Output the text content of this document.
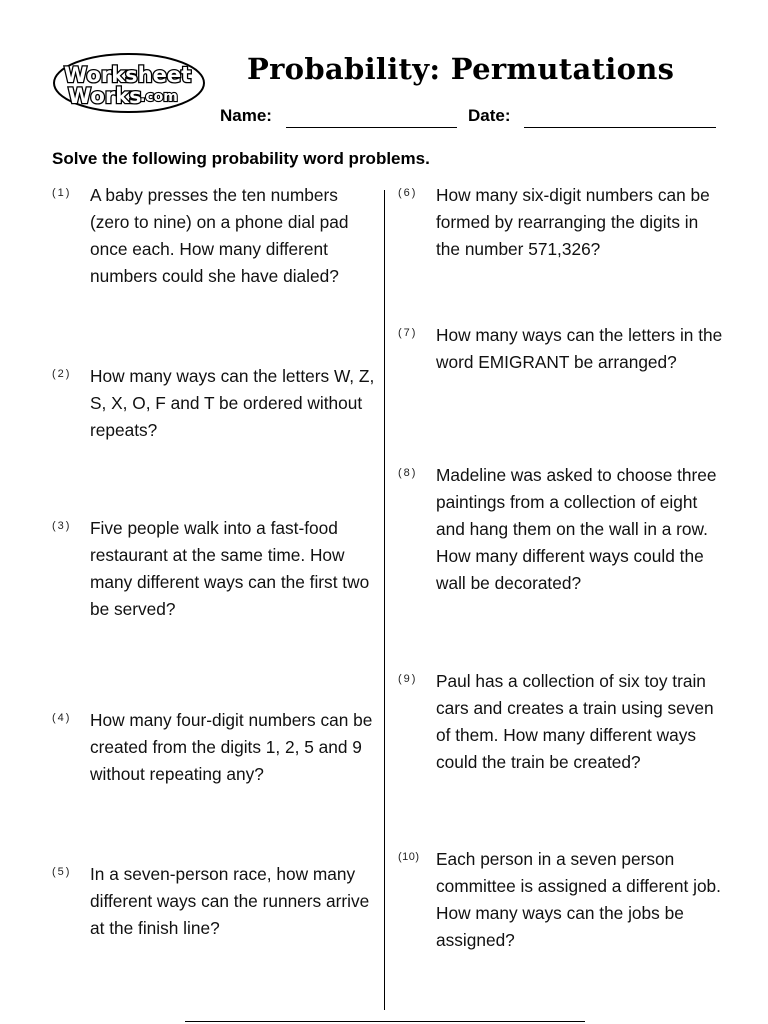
Worksheet
Works
.com
Probability: Permutations
Name:	Date:
Solve the following probability word problems.
(1) A baby presses the ten numbers (zero to nine) on a phone dial pad once each. How many different numbers could she have dialed?
(2) How many ways can the letters W, Z, S, X, O, F and T be ordered without repeats?
(3) Five people walk into a fast-food restaurant at the same time. How many different ways can the first two be served?
(4) How many four-digit numbers can be created from the digits 1, 2, 5 and 9 without repeating any?
(5) In a seven-person race, how many different ways can the runners arrive at the finish line?
(6) How many six-digit numbers can be formed by rearranging the digits in the number 571,326?
(7) How many ways can the letters in the word EMIGRANT be arranged?
(8) Madeline was asked to choose three paintings from a collection of eight and hang them on the wall in a row. How many different ways could the wall be decorated?
(9) Paul has a collection of six toy train cars and creates a train using seven of them. How many different ways could the train be created?
(10) Each person in a seven person committee is assigned a different job. How many ways can the jobs be assigned?
